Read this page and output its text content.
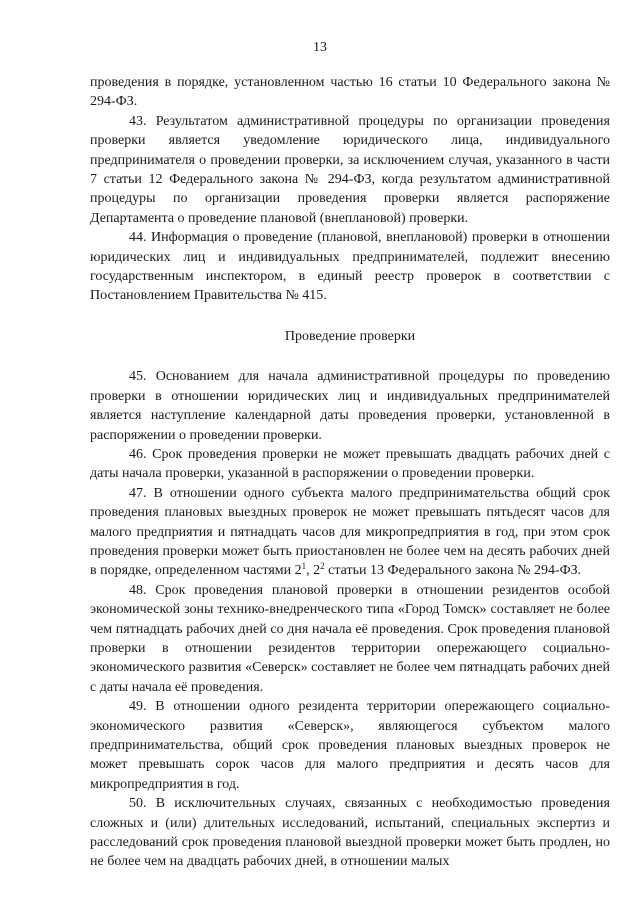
13

проведения в порядке, установленном частью 16 статьи 10 Федерального закона № 294-ФЗ.

43. Результатом административной процедуры по организации проведения проверки является уведомление юридического лица, индивидуального предпринимателя о проведении проверки, за исключением случая, указанного в части 7 статьи 12 Федерального закона № 294-ФЗ, когда результатом административной процедуры по организации проведения проверки является распоряжение Департамента о проведение плановой (внеплановой) проверки.

44. Информация о проведение (плановой, внеплановой) проверки в отношении юридических лиц и индивидуальных предпринимателей, подлежит внесению государственным инспектором, в единый реестр проверок в соответствии с Постановлением Правительства № 415.

Проведение проверки

45. Основанием для начала административной процедуры по проведению проверки в отношении юридических лиц и индивидуальных предпринимателей является наступление календарной даты проведения проверки, установленной в распоряжении о проведении проверки.

46. Срок проведения проверки не может превышать двадцать рабочих дней с даты начала проверки, указанной в распоряжении о проведении проверки.

47. В отношении одного субъекта малого предпринимательства общий срок проведения плановых выездных проверок не может превышать пятьдесят часов для малого предприятия и пятнадцать часов для микропредприятия в год, при этом срок проведения проверки может быть приостановлен не более чем на десять рабочих дней в порядке, определенном частями $2^1$, $2^2$ статьи 13 Федерального закона № 294-ФЗ.

48. Срок проведения плановой проверки в отношении резидентов особой экономической зоны технико-внедренческого типа «Город Томск» составляет не более чем пятнадцать рабочих дней со дня начала её проведения. Срок проведения плановой проверки в отношении резидентов территории опережающего социально-экономического развития «Северск» составляет не более чем пятнадцать рабочих дней с даты начала её проведения.

49. В отношении одного резидента территории опережающего социально-экономического развития «Северск», являющегося субъектом малого предпринимательства, общий срок проведения плановых выездных проверок не может превышать сорок часов для малого предприятия и десять часов для микропредприятия в год.

50. В исключительных случаях, связанных с необходимостью проведения сложных и (или) длительных исследований, испытаний, специальных экспертиз и расследований срок проведения плановой выездной проверки может быть продлен, но не более чем на двадцать рабочих дней, в отношении малых
